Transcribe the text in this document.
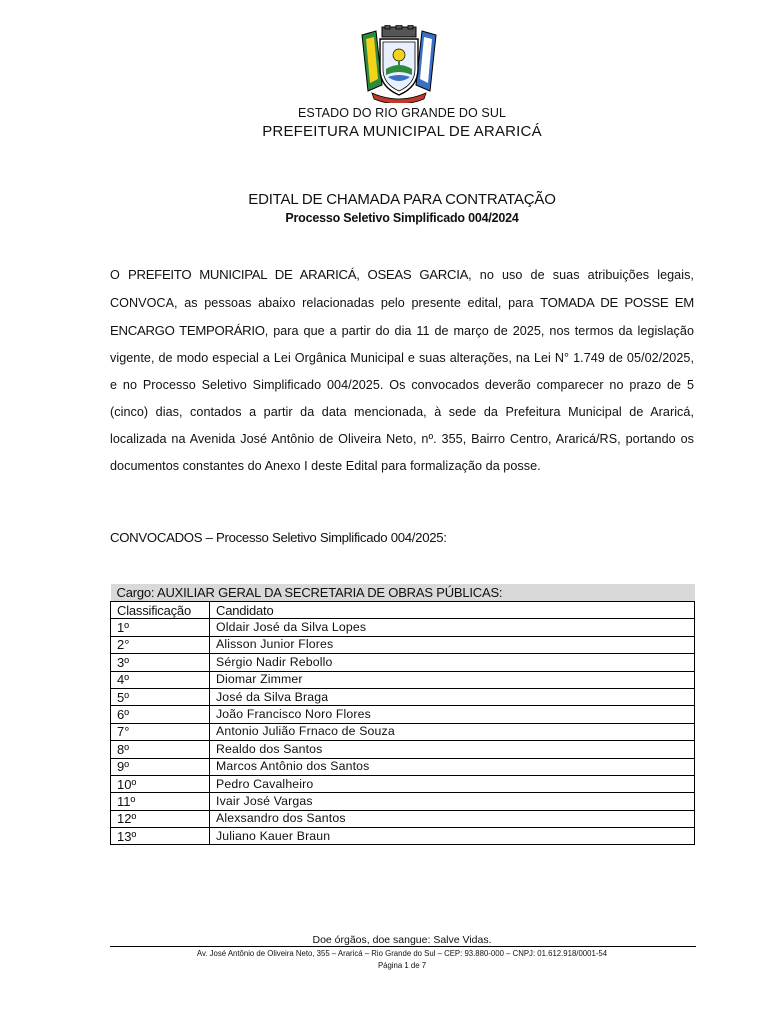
ESTADO DO RIO GRANDE DO SUL
PREFEITURA MUNICIPAL DE ARARICÁ
EDITAL DE CHAMADA PARA CONTRATAÇÃO
Processo Seletivo Simplificado 004/2024
O PREFEITO MUNICIPAL DE ARARICÁ, OSEAS GARCIA, no uso de suas atribuições legais, CONVOCA, as pessoas abaixo relacionadas pelo presente edital, para TOMADA DE POSSE EM ENCARGO TEMPORÁRIO, para que a partir do dia 11 de março de 2025, nos termos da legislação vigente, de modo especial a Lei Orgânica Municipal e suas alterações, na Lei N° 1.749 de 05/02/2025, e no Processo Seletivo Simplificado 004/2025. Os convocados deverão comparecer no prazo de 5 (cinco) dias, contados a partir da data mencionada, à sede da Prefeitura Municipal de Araricá, localizada na Avenida José Antônio de Oliveira Neto, nº. 355, Bairro Centro, Araricá/RS, portando os documentos constantes do Anexo I deste Edital para formalização da posse.
CONVOCADOS – Processo Seletivo Simplificado 004/2025:
Cargo: AUXILIAR GERAL DA SECRETARIA DE OBRAS PÚBLICAS:	
Classificação	Candidato
1º	Oldair José da Silva Lopes
2°	Alisson Junior Flores
3º	Sérgio Nadir Rebollo
4º	Diomar Zimmer
5º	José da Silva Braga
6º	João Francisco Noro Flores
7°	Antonio Julião Frnaco de Souza
8º	Realdo dos Santos
9º	Marcos Antônio dos Santos
10º	Pedro Cavalheiro
11º	Ivair José Vargas
12º	Alexsandro dos Santos
13º	Juliano Kauer Braun
Doe órgãos, doe sangue: Salve Vidas.
Av. José Antônio de Oliveira Neto, 355 – Araricá – Rio Grande do Sul – CEP: 93.880-000 – CNPJ: 01.612.918/0001-54
Página 1 de 7
